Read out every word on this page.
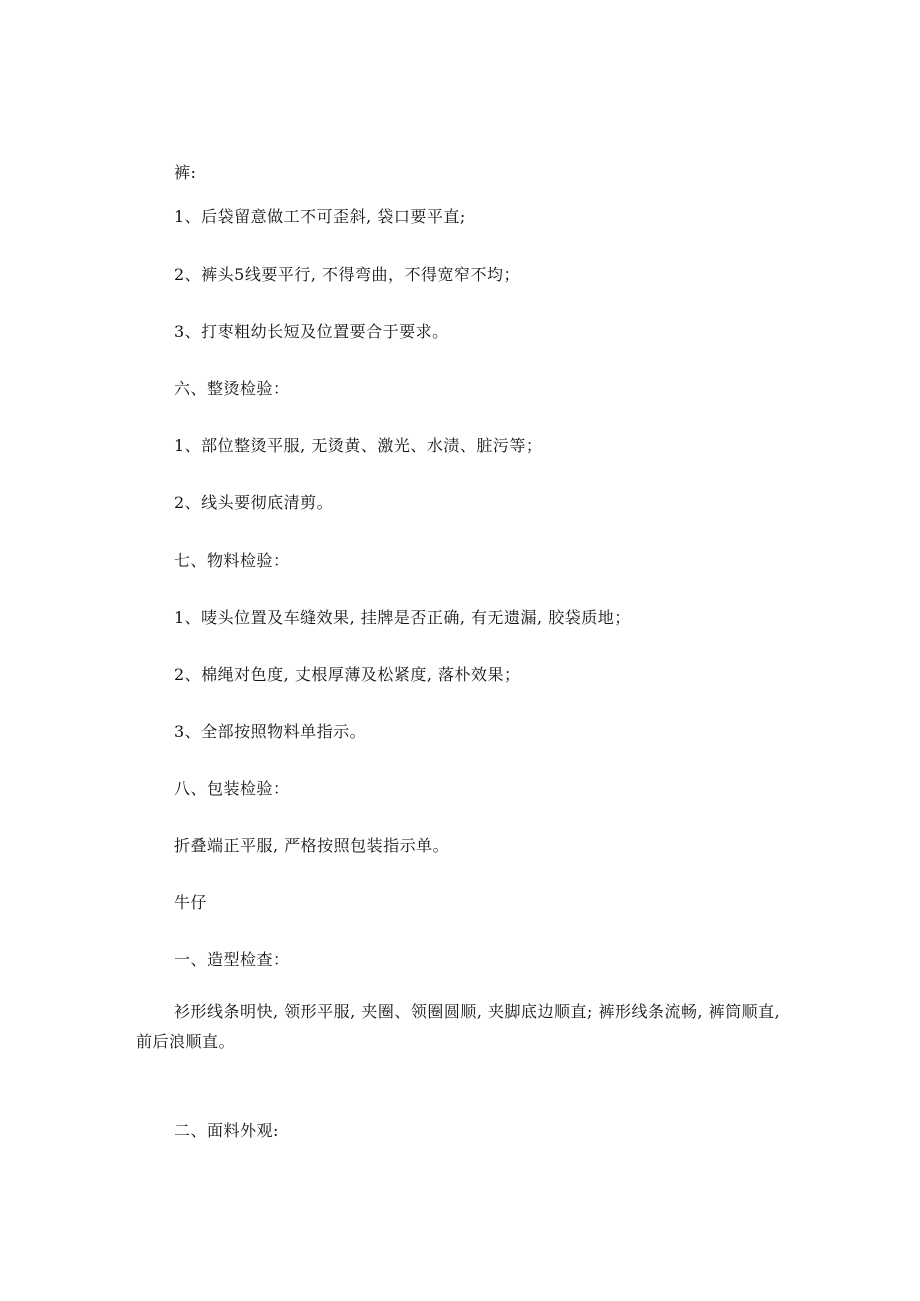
裤:
1、后袋留意做工不可歪斜, 袋口要平直;
2、裤头5线要平行, 不得弯曲，不得宽窄不均；
3、打枣粗幼长短及位置要合于要求。
六、整烫检验：
1、部位整烫平服, 无烫黄、激光、水渍、脏污等；
2、线头要彻底清剪。
七、物料检验：
1、唛头位置及车缝效果, 挂牌是否正确, 有无遗漏, 胶袋质地；
2、棉绳对色度, 丈根厚薄及松紧度, 落朴效果；
3、全部按照物料单指示。
八、包装检验：
折叠端正平服, 严格按照包装指示单。
牛仔
一、造型检查：
衫形线条明快, 领形平服, 夹圈、领圈圆顺, 夹脚底边顺直; 裤形线条流畅, 裤筒顺直, 前后浪顺直。
二、面料外观:
